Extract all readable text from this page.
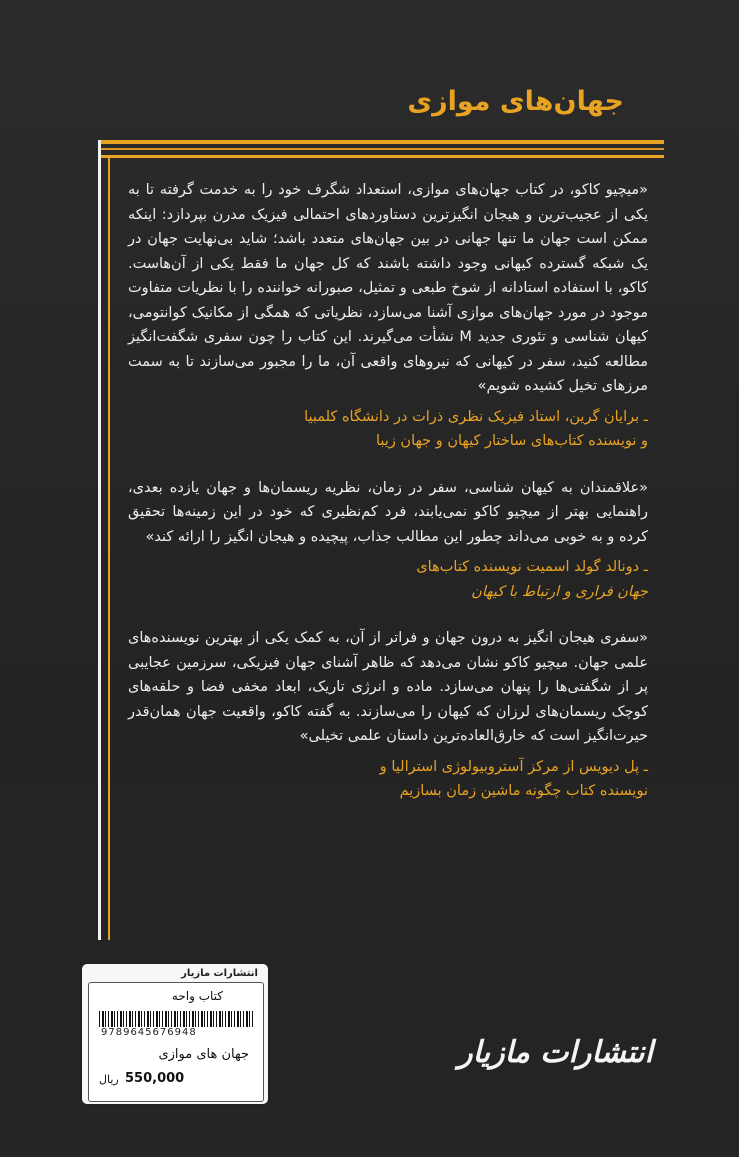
جهان‌های موازی

«میچیو کاکو، در کتاب جهان‌های موازی، استعداد شگرف خود را به خدمت گرفته تا به یکی از عجیب‌ترین و هیجان انگیزترین دستاوردهای احتمالی فیزیک مدرن بپردازد: اینکه ممکن است جهان ما تنها جهانی در بین جهان‌های متعدد باشد؛ شاید بی‌نهایت جهان در یک شبکه گسترده کیهانی وجود داشته باشند که کل جهان ما فقط یکی از آن‌هاست. کاکو، با استفاده استادانه از شوخ طبعی و تمثیل، صبورانه خواننده را با نظریات متفاوت موجود در مورد جهان‌های موازی آشنا می‌سازد، نظریاتی که همگی از مکانیک کوانتومی، کیهان شناسی و تئوری جدید M نشأت می‌گیرند. این کتاب را چون سفری شگفت‌انگیز مطالعه کنید، سفر در کیهانی که نیروهای واقعی آن، ما را مجبور می‌سازند تا به سمت مرزهای تخیل کشیده شویم»

ـ برایان گرین، استاد فیزیک نظری ذرات در دانشگاه کلمبیا
و نویسنده کتاب‌های ساختار کیهان و جهان زیبا

«علاقمندان به کیهان شناسی، سفر در زمان، نظریه ریسمان‌ها و جهان یازده بعدی، راهنمایی بهتر از میچیو کاکو نمی‌یابند، فرد کم‌نظیری که خود در این زمینه‌ها تحقیق کرده و به خوبی می‌داند چطور این مطالب جذاب، پیچیده و هیجان انگیز را ارائه کند»

ـ دونالد گولد اسمیت نویسنده کتاب‌های
جهان فراری و ارتباط با کیهان

«سفری هیجان انگیز به درون جهان و فراتر از آن، به کمک یکی از بهترین نویسنده‌های علمی جهان. میچیو کاکو نشان می‌دهد که ظاهر آشنای جهان فیزیکی، سرزمین عجایبی پر از شگفتی‌ها را پنهان می‌سازد. ماده و انرژی تاریک، ابعاد مخفی فضا و حلقه‌های کوچک ریسمان‌های لرزان که کیهان را می‌سازند. به گفته کاکو، واقعیت جهان همان‌قدر حیرت‌انگیز است که خارق‌العاده‌ترین داستان علمی تخیلی»

ـ پل دیویس از مرکز آستروبیولوژی استرالیا و
نویسنده کتاب چگونه ماشین زمان بسازیم
انتشارات مازیار
کتاب واحه
9789645676948
جهان های موازی
550,000
ریال
انتشارات مازیار
